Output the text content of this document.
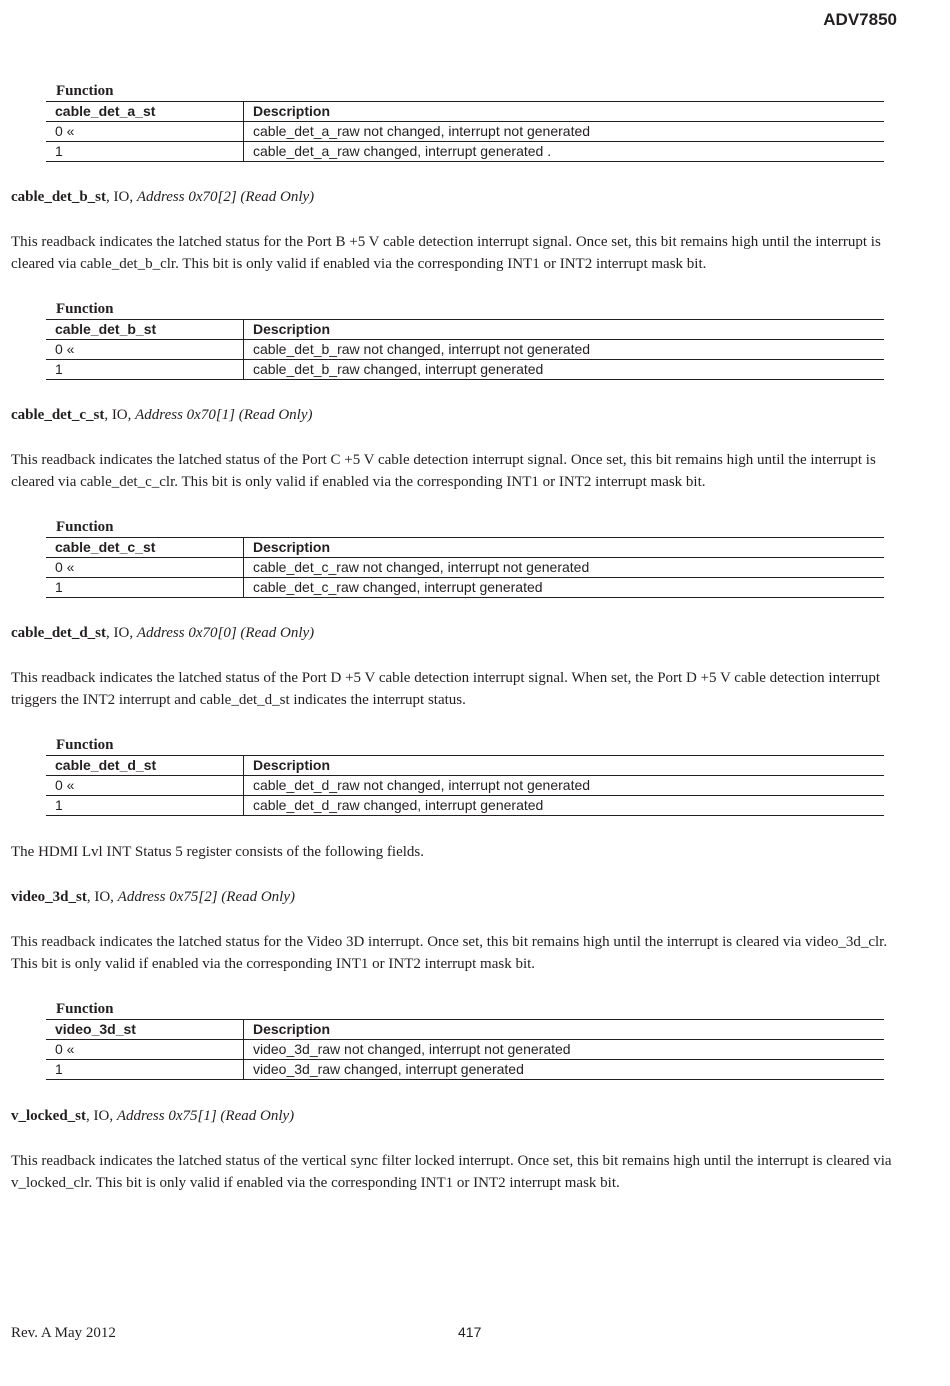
ADV7850
Function
cable_det_a_st	Description
0 «	cable_det_a_raw not changed, interrupt not generated
1	cable_det_a_raw changed, interrupt generated .
cable_det_b_st, IO, Address 0x70[2] (Read Only)
This readback indicates the latched status for the Port B +5 V cable detection interrupt signal. Once set, this bit remains high until the interrupt is cleared via cable_det_b_clr. This bit is only valid if enabled via the corresponding INT1 or INT2 interrupt mask bit.
Function
cable_det_b_st	Description
0 «	cable_det_b_raw not changed, interrupt not generated
1	cable_det_b_raw changed, interrupt generated
cable_det_c_st, IO, Address 0x70[1] (Read Only)
This readback indicates the latched status of the Port C +5 V cable detection interrupt signal. Once set, this bit remains high until the interrupt is cleared via cable_det_c_clr. This bit is only valid if enabled via the corresponding INT1 or INT2 interrupt mask bit.
Function
cable_det_c_st	Description
0 «	cable_det_c_raw not changed, interrupt not generated
1	cable_det_c_raw changed, interrupt generated
cable_det_d_st, IO, Address 0x70[0] (Read Only)
This readback indicates the latched status of the Port D +5 V cable detection interrupt signal. When set, the Port D +5 V cable detection interrupt triggers the INT2 interrupt and cable_det_d_st indicates the interrupt status.
Function
cable_det_d_st	Description
0 «	cable_det_d_raw not changed, interrupt not generated
1	cable_det_d_raw changed, interrupt generated
The HDMI Lvl INT Status 5 register consists of the following fields.
video_3d_st, IO, Address 0x75[2] (Read Only)
This readback indicates the latched status for the Video 3D interrupt. Once set, this bit remains high until the interrupt is cleared via video_3d_clr. This bit is only valid if enabled via the corresponding INT1 or INT2 interrupt mask bit.
Function
video_3d_st	Description
0 «	video_3d_raw not changed, interrupt not generated
1	video_3d_raw changed, interrupt generated
v_locked_st, IO, Address 0x75[1] (Read Only)
This readback indicates the latched status of the vertical sync filter locked interrupt. Once set, this bit remains high until the interrupt is cleared via v_locked_clr. This bit is only valid if enabled via the corresponding INT1 or INT2 interrupt mask bit.
Rev. A May 2012	417
